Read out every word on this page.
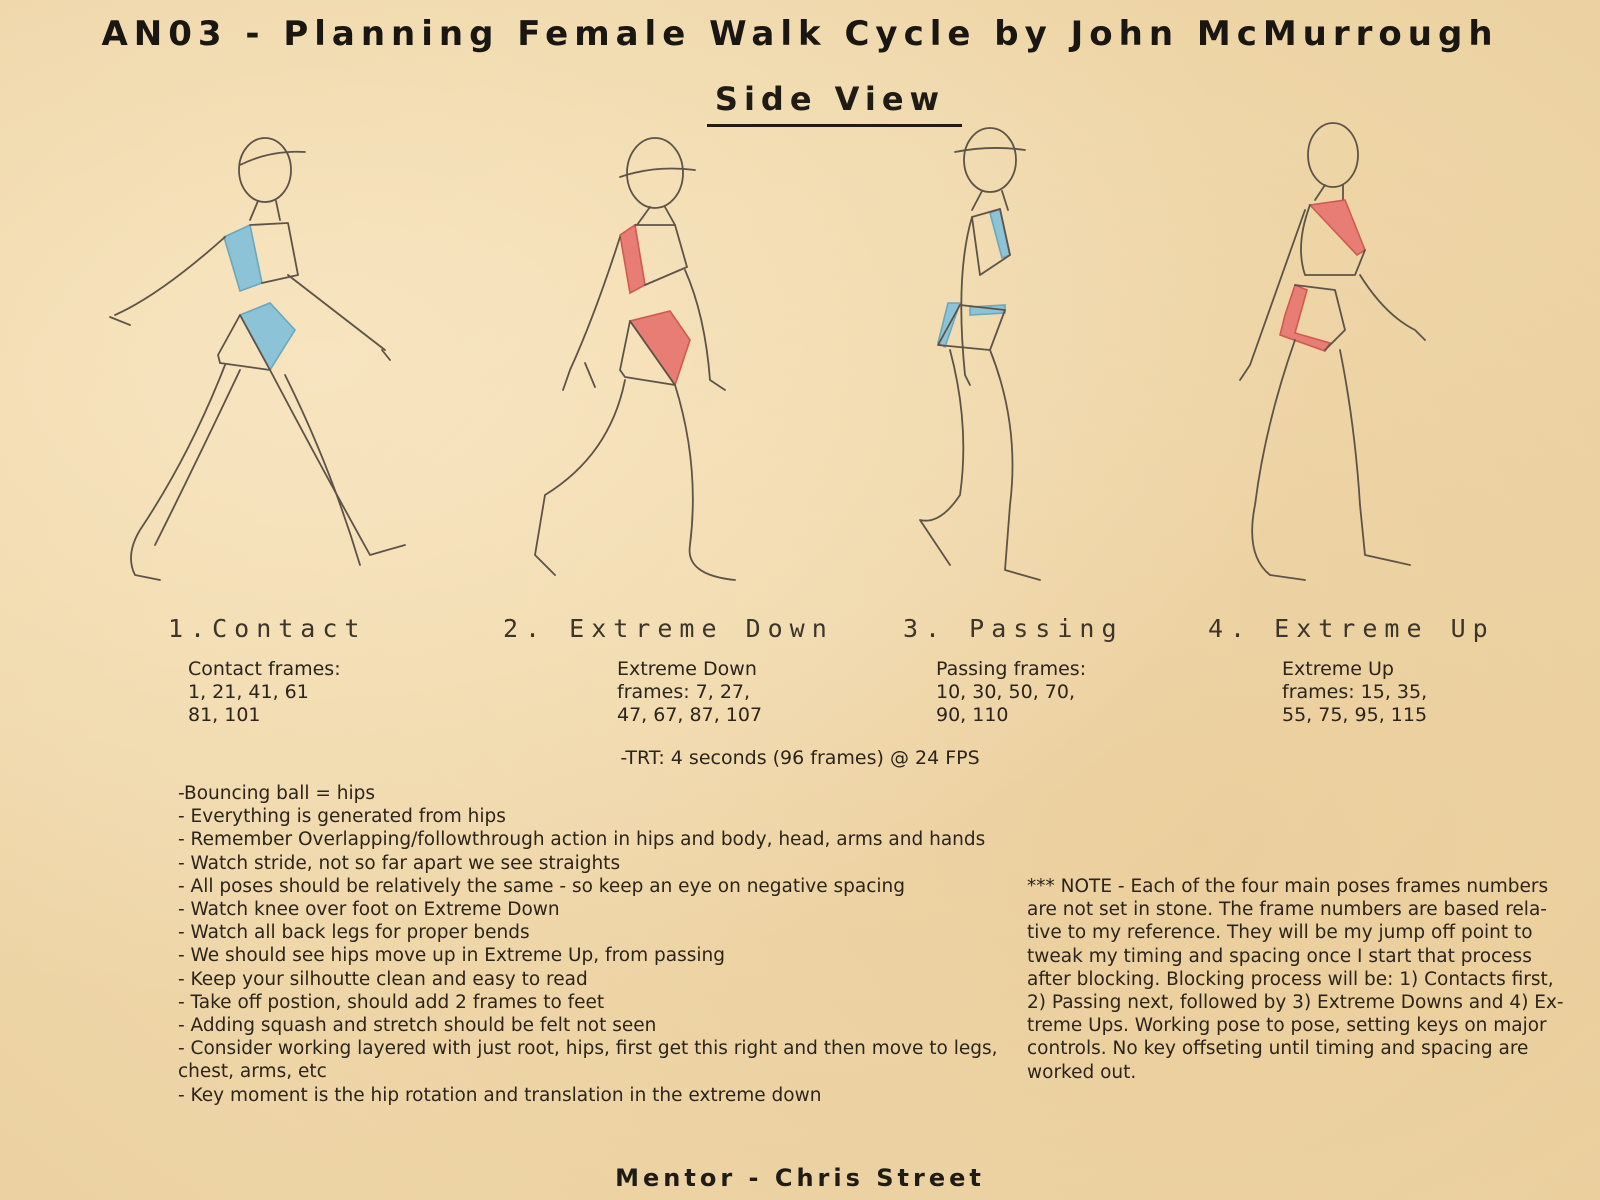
AN03 - Planning Female Walk Cycle by John McMurrough
Side View
1.Contact	2. Extreme Down	3. Passing	4. Extreme Up
Contact frames:
1, 21, 41, 61
81, 101
Extreme Down
frames: 7, 27,
47, 67, 87, 107
Passing frames:
10, 30, 50, 70,
90, 110
Extreme Up
frames: 15, 35,
55, 75, 95, 115
-TRT: 4 seconds (96 frames) @ 24 FPS
-Bouncing ball = hips
- Everything is generated from hips
- Remember Overlapping/followthrough action in hips and body, head, arms and hands
- Watch stride, not so far apart we see straights
- All poses should be relatively the same - so keep an eye on negative spacing
- Watch knee over foot on Extreme Down
- Watch all back legs for proper bends
- We should see hips move up in Extreme Up, from passing
- Keep your silhoutte clean and easy to read
- Take off postion, should add 2 frames to feet
- Adding squash and stretch should be felt not seen
- Consider working layered with just root, hips, first get this right and then move to legs,
chest, arms, etc
- Key moment is the hip rotation and translation in the extreme down
*** NOTE - Each of the four main poses frames numbers
are not set in stone. The frame numbers are based rela-
tive to my reference. They will be my jump off point to
tweak my timing and spacing once I start that process
after blocking. Blocking process will be: 1) Contacts first,
2) Passing next, followed by 3) Extreme Downs and 4) Ex-
treme Ups. Working pose to pose, setting keys on major
controls. No key offseting until timing and spacing are
worked out.
Mentor - Chris Street
